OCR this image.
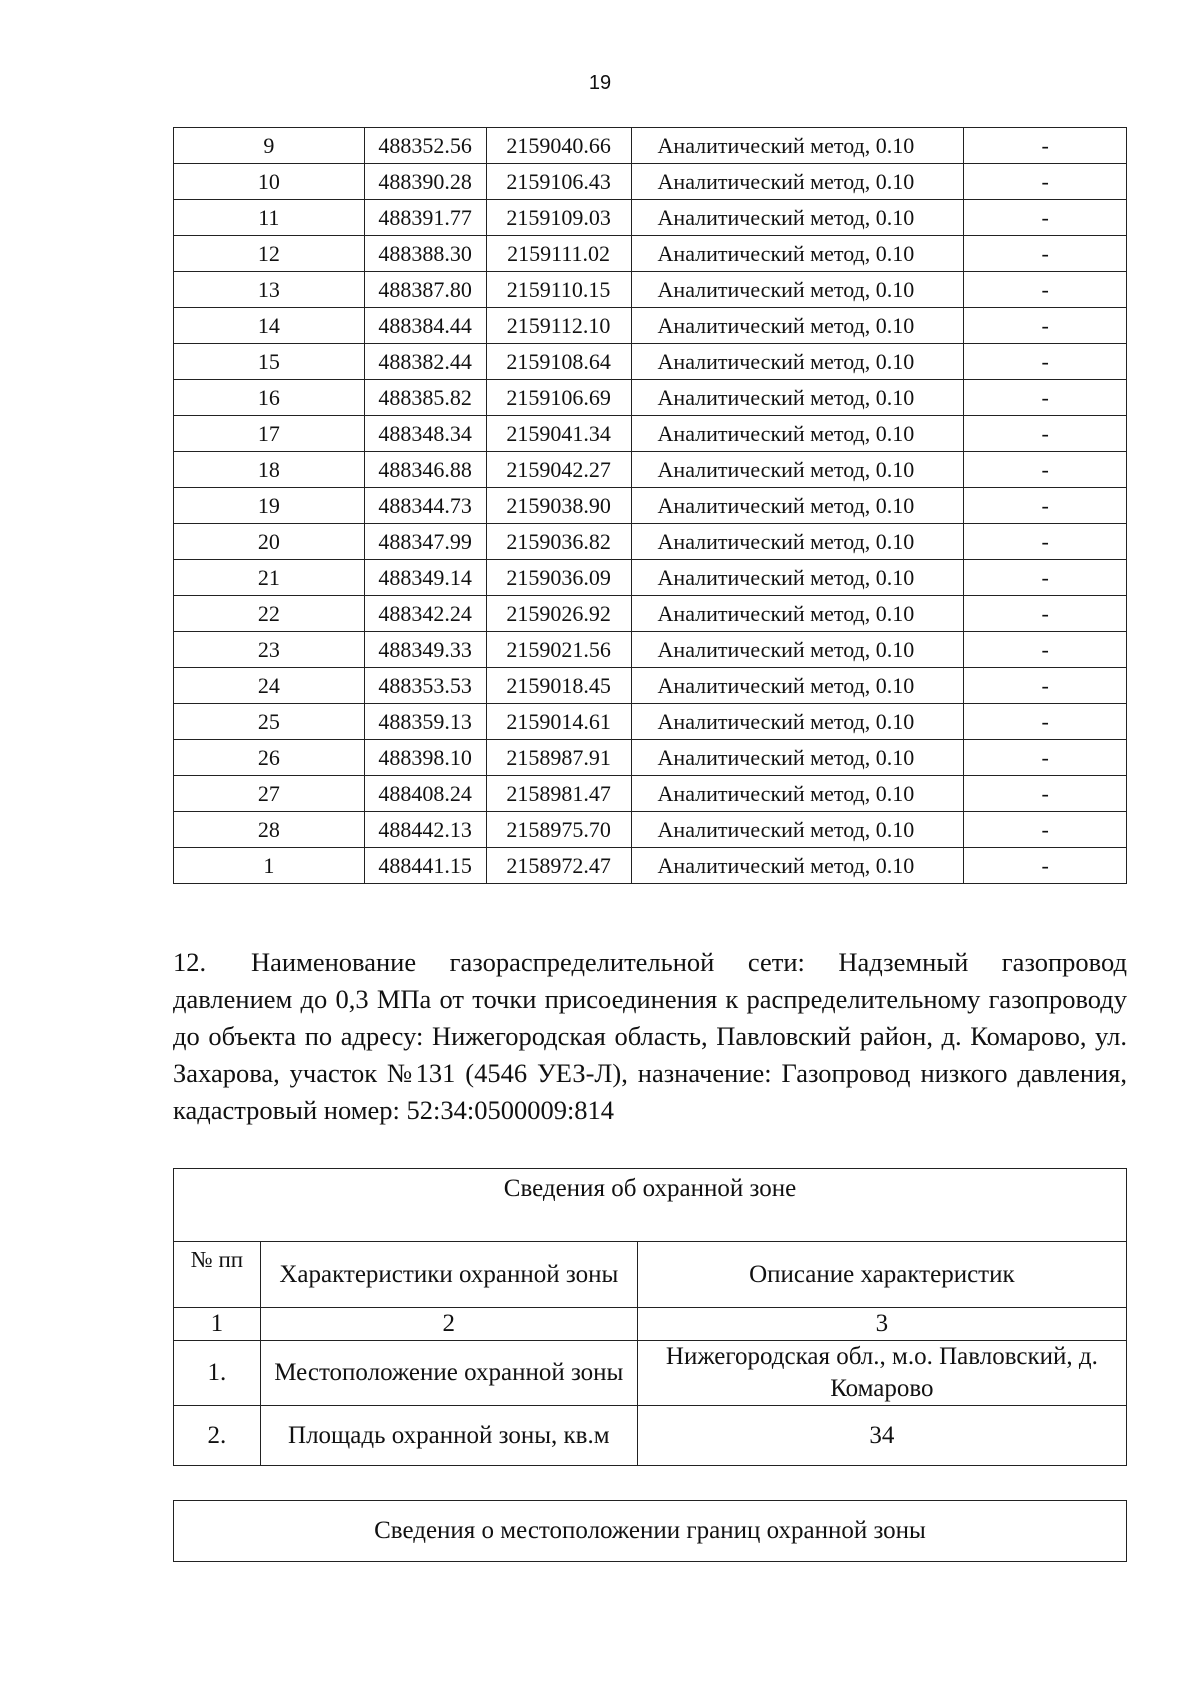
19
9	488352.56	2159040.66	Аналитический метод, 0.10	-
10	488390.28	2159106.43	Аналитический метод, 0.10	-
11	488391.77	2159109.03	Аналитический метод, 0.10	-
12	488388.30	2159111.02	Аналитический метод, 0.10	-
13	488387.80	2159110.15	Аналитический метод, 0.10	-
14	488384.44	2159112.10	Аналитический метод, 0.10	-
15	488382.44	2159108.64	Аналитический метод, 0.10	-
16	488385.82	2159106.69	Аналитический метод, 0.10	-
17	488348.34	2159041.34	Аналитический метод, 0.10	-
18	488346.88	2159042.27	Аналитический метод, 0.10	-
19	488344.73	2159038.90	Аналитический метод, 0.10	-
20	488347.99	2159036.82	Аналитический метод, 0.10	-
21	488349.14	2159036.09	Аналитический метод, 0.10	-
22	488342.24	2159026.92	Аналитический метод, 0.10	-
23	488349.33	2159021.56	Аналитический метод, 0.10	-
24	488353.53	2159018.45	Аналитический метод, 0.10	-
25	488359.13	2159014.61	Аналитический метод, 0.10	-
26	488398.10	2158987.91	Аналитический метод, 0.10	-
27	488408.24	2158981.47	Аналитический метод, 0.10	-
28	488442.13	2158975.70	Аналитический метод, 0.10	-
1	488441.15	2158972.47	Аналитический метод, 0.10	-
12. Наименование газораспределительной сети: Надземный газопровод давлением до 0,3 МПа от точки присоединения к распределительному газопроводу до объекта по адресу: Нижегородская область, Павловский район, д. Комарово, ул. Захарова, участок №131 (4546 УЕЗ-Л), назначение: Газопровод низкого давления, кадастровый номер: 52:34:0500009:814
Сведения об охранной зоне		
№ пп	Характеристики охранной зоны	Описание характеристик
1	2	3
1.	Местоположение охранной зоны	Нижегородская обл., м.о. Павловский, д. Комарово
2.	Площадь охранной зоны, кв.м	34
Сведения о местоположении границ охранной зоны
